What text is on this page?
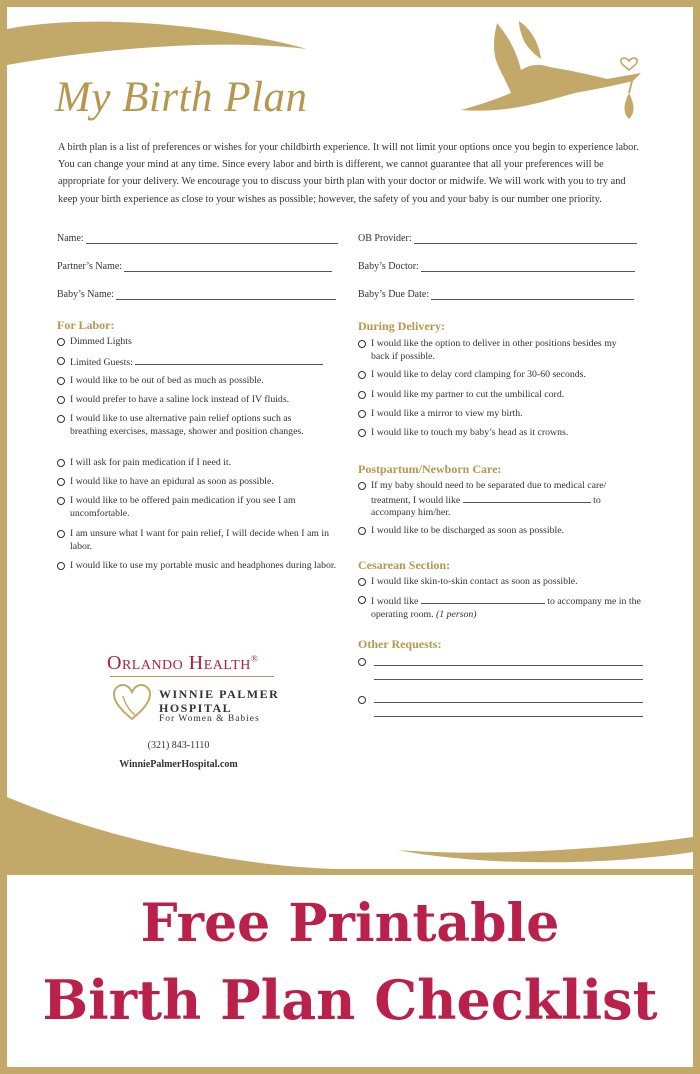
My Birth Plan

A birth plan is a list of preferences or wishes for your childbirth experience. It will not limit your options once you begin to experience labor. You can change your mind at any time. Since every labor and birth is different, we cannot guarantee that all your preferences will be appropriate for your delivery. We encourage you to discuss your birth plan with your doctor or midwife. We will work with you to try and keep your birth experience as close to your wishes as possible; however, the safety of you and your baby is our number one priority.

Name:
Partner’s Name:
Baby’s Name:
OB Provider:
Baby’s Doctor:
Baby’s Due Date:
For Labor:
Dimmed Lights
Limited Guests:
I would like to be out of bed as much as possible.
I would prefer to have a saline lock instead of IV fluids.
I would like to use alternative pain relief options such as breathing exercises, massage, shower and position changes.
I will ask for pain medication if I need it.
I would like to have an epidural as soon as possible.
I would like to be offered pain medication if you see I am uncomfortable.
I am unsure what I want for pain relief, I will decide when I am in labor.
I would like to use my portable music and headphones during labor.
During Delivery:
I would like the option to deliver in other positions besides my back if possible.
I would like to delay cord clamping for 30-60 seconds.
I would like my partner to cut the umbilical cord.
I would like a mirror to view my birth.
I would like to touch my baby’s head as it crowns.
Postpartum/Newborn Care:
If my baby should need to be separated due to medical care/ treatment, I would like	to accompany him/her.
I would like to be discharged as soon as possible.
Cesarean Section:
I would like skin-to-skin contact as soon as possible.
I would like	to accompany me in the operating room. (1 person)
Other Requests:

Orlando Health®

WINNIE PALMER
HOSPITAL

For Women & Babies

(321) 843-1110

WinniePalmerHospital.com

Free Printable

Birth Plan Checklist
